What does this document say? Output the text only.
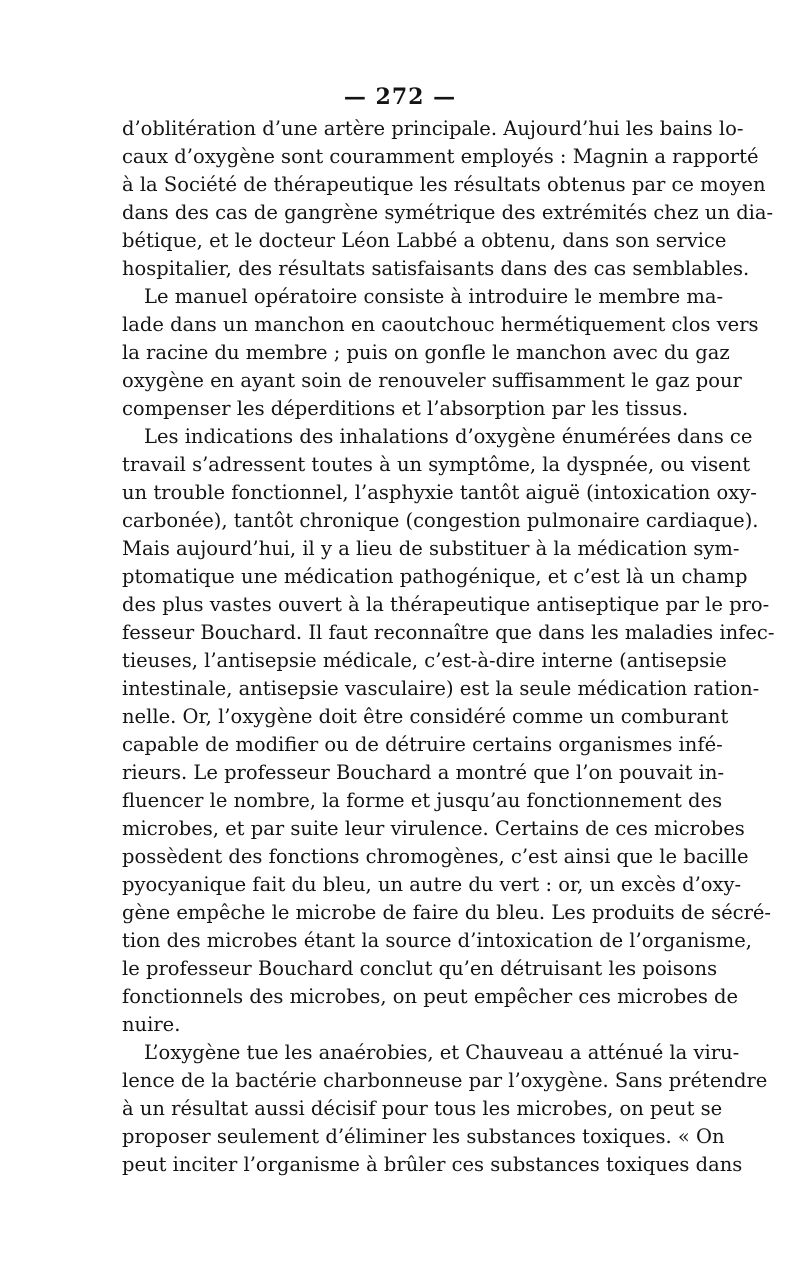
— 272 —
d’oblitération d’une artère principale. Aujourd’hui les bains lo-
caux d’oxygène sont couramment employés : Magnin a rapporté
à la Société de thérapeutique les résultats obtenus par ce moyen
dans des cas de gangrène symétrique des extrémités chez un dia-
bétique, et le docteur Léon Labbé a obtenu, dans son service
hospitalier, des résultats satisfaisants dans des cas semblables.
Le manuel opératoire consiste à introduire le membre ma-
lade dans un manchon en caoutchouc hermétiquement clos vers
la racine du membre ; puis on gonfle le manchon avec du gaz
oxygène en ayant soin de renouveler suffisamment le gaz pour
compenser les déperditions et l’absorption par les tissus.
Les indications des inhalations d’oxygène énumérées dans ce
travail s’adressent toutes à un symptôme, la dyspnée, ou visent
un trouble fonctionnel, l’asphyxie tantôt aiguë (intoxication oxy-
carbonée), tantôt chronique (congestion pulmonaire cardiaque).
Mais aujourd’hui, il y a lieu de substituer à la médication sym-
ptomatique une médication pathogénique, et c’est là un champ
des plus vastes ouvert à la thérapeutique antiseptique par le pro-
fesseur Bouchard. Il faut reconnaître que dans les maladies infec-
tieuses, l’antisepsie médicale, c’est-à-dire interne (antisepsie
intestinale, antisepsie vasculaire) est la seule médication ration-
nelle. Or, l’oxygène doit être considéré comme un comburant
capable de modifier ou de détruire certains organismes infé-
rieurs. Le professeur Bouchard a montré que l’on pouvait in-
fluencer le nombre, la forme et jusqu’au fonctionnement des
microbes, et par suite leur virulence. Certains de ces microbes
possèdent des fonctions chromogènes, c’est ainsi que le bacille
pyocyanique fait du bleu, un autre du vert : or, un excès d’oxy-
gène empêche le microbe de faire du bleu. Les produits de sécré-
tion des microbes étant la source d’intoxication de l’organisme,
le professeur Bouchard conclut qu’en détruisant les poisons
fonctionnels des microbes, on peut empêcher ces microbes de
nuire.
L’oxygène tue les anaérobies, et Chauveau a atténué la viru-
lence de la bactérie charbonneuse par l’oxygène. Sans prétendre
à un résultat aussi décisif pour tous les microbes, on peut se
proposer seulement d’éliminer les substances toxiques. « On
peut inciter l’organisme à brûler ces substances toxiques dans
